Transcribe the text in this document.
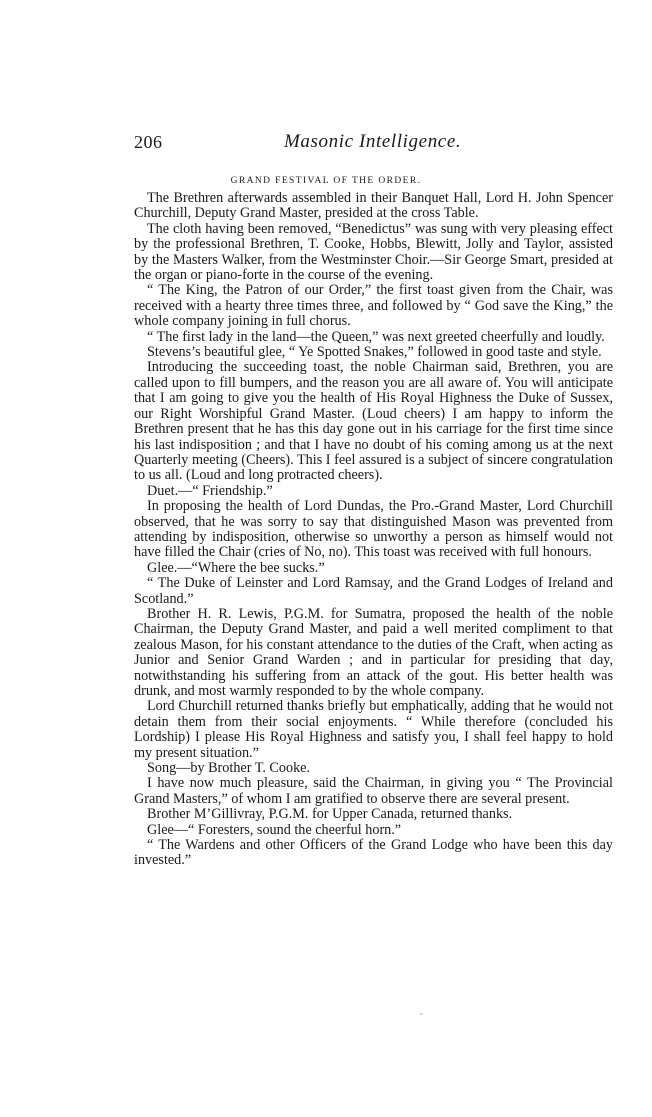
206	Masonic Intelligence.
GRAND FESTIVAL OF THE ORDER.

The Brethren afterwards assembled in their Banquet Hall, Lord H. John Spencer Churchill, Deputy Grand Master, presided at the cross Table.

The cloth having been removed, “Benedictus” was sung with very pleasing effect by the professional Brethren, T. Cooke, Hobbs, Blewitt, Jolly and Taylor, assisted by the Masters Walker, from the Westminster Choir.—Sir George Smart, presided at the organ or piano-forte in the course of the evening.

“ The King, the Patron of our Order,” the first toast given from the Chair, was received with a hearty three times three, and followed by “ God save the King,” the whole company joining in full chorus.

“ The first lady in the land—the Queen,” was next greeted cheerfully and loudly.

Stevens’s beautiful glee, “ Ye Spotted Snakes,” followed in good taste and style.

Introducing the succeeding toast, the noble Chairman said, Brethren, you are called upon to fill bumpers, and the reason you are all aware of. You will anticipate that I am going to give you the health of His Royal Highness the Duke of Sussex, our Right Worshipful Grand Master. (Loud cheers) I am happy to inform the Brethren present that he has this day gone out in his carriage for the first time since his last indisposition ; and that I have no doubt of his coming among us at the next Quarterly meeting (Cheers). This I feel assured is a subject of sincere congratulation to us all. (Loud and long protracted cheers).

Duet.—“ Friendship.”

In proposing the health of Lord Dundas, the Pro.-Grand Master, Lord Churchill observed, that he was sorry to say that distinguished Mason was prevented from attending by indisposition, otherwise so unworthy a person as himself would not have filled the Chair (cries of No, no). This toast was received with full honours.

Glee.—“Where the bee sucks.”

“ The Duke of Leinster and Lord Ramsay, and the Grand Lodges of Ireland and Scotland.”

Brother H. R. Lewis, P.G.M. for Sumatra, proposed the health of the noble Chairman, the Deputy Grand Master, and paid a well merited compliment to that zealous Mason, for his constant attendance to the duties of the Craft, when acting as Junior and Senior Grand Warden ; and in particular for presiding that day, notwithstanding his suffering from an attack of the gout. His better health was drunk, and most warmly responded to by the whole company.

Lord Churchill returned thanks briefly but emphatically, adding that he would not detain them from their social enjoyments. “ While therefore (concluded his Lordship) I please His Royal Highness and satisfy you, I shall feel happy to hold my present situation.”

Song—by Brother T. Cooke.

I have now much pleasure, said the Chairman, in giving you “ The Provincial Grand Masters,” of whom I am gratified to observe there are several present.

Brother M’Gillivray, P.G.M. for Upper Canada, returned thanks.

Glee—“ Foresters, sound the cheerful horn.”

“ The Wardens and other Officers of the Grand Lodge who have been this day invested.”
